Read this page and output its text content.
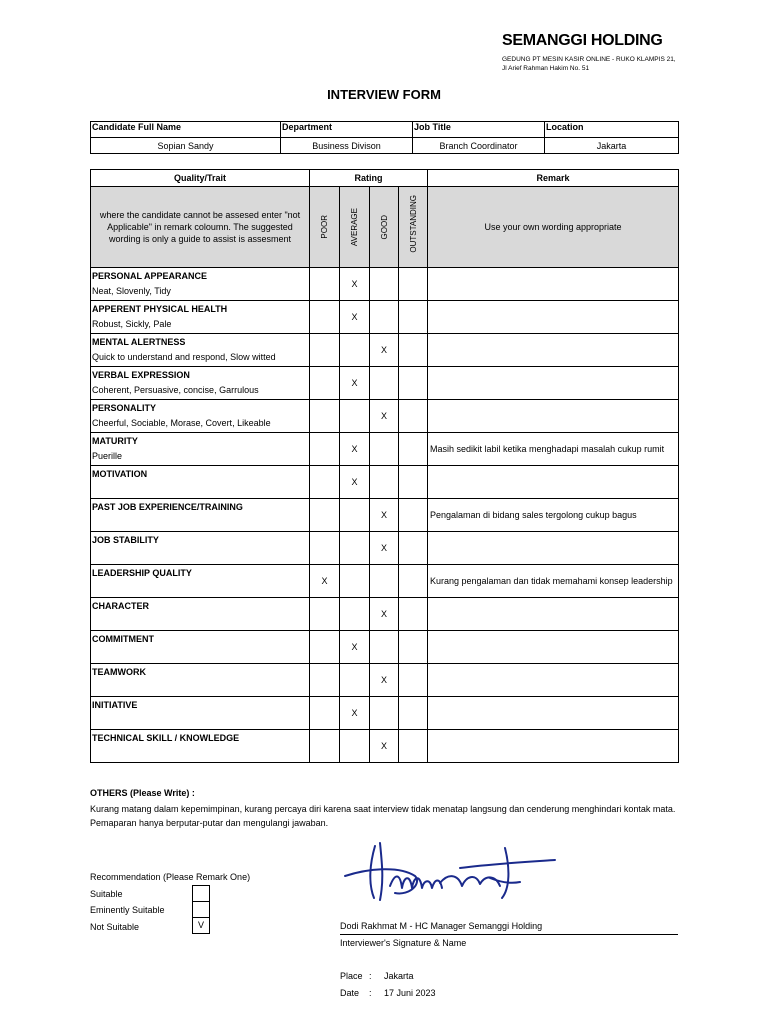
SEMANGGI HOLDING
GEDUNG PT MESIN KASIR ONLINE - RUKO KLAMPIS 21,
Jl Arief Rahman Hakim No. 51
INTERVIEW FORM
Candidate Full Name	Department	Job Title	Location
Sopian Sandy	Business Divison	Branch Coordinator	Jakarta
Quality/Trait	Rating				Remark
where the candidate cannot be assesed enter "not Applicable" in remark coloumn. The suggested wording is only a guide to assist is assesment	POOR	AVERAGE	GOOD	OUTSTANDING	Use your own wording appropriate

PERSONAL APPEARANCE
Neat, Slovenly, Tidy		X			

APPERENT PHYSICAL HEALTH
Robust, Sickly, Pale		X			

MENTAL ALERTNESS
Quick to understand and respond, Slow witted			X		

VERBAL EXPRESSION
Coherent, Persuasive, concise, Garrulous		X			

PERSONALITY
Cheerful, Sociable, Morase, Covert, Likeable			X		

MATURITY
Puerille		X			Masih sedikit labil ketika menghadapi masalah cukup rumit

MOTIVATION		X			

PAST JOB EXPERIENCE/TRAINING			X		Pengalaman di bidang sales tergolong cukup bagus

JOB STABILITY			X		

LEADERSHIP QUALITY	X				Kurang pengalaman dan tidak memahami konsep leadership

CHARACTER			X		

COMMITMENT		X			

TEAMWORK			X		

INITIATIVE		X			

TECHNICAL SKILL / KNOWLEDGE			X		
OTHERS (Please Write) :
Kurang matang dalam kepemimpinan, kurang percaya diri karena saat interview tidak menatap langsung dan cenderung menghindari kontak mata.
Pemaparan hanya berputar-putar dan mengulangi jawaban.
Recommendation (Please Remark One)
Suitable
Eminently Suitable
Not Suitable	V	Dodi Rakhmat M - HC Manager Semanggi Holding
Interviewer's Signature & Name
Place : Jakarta
Date : 17 Juni 2023
